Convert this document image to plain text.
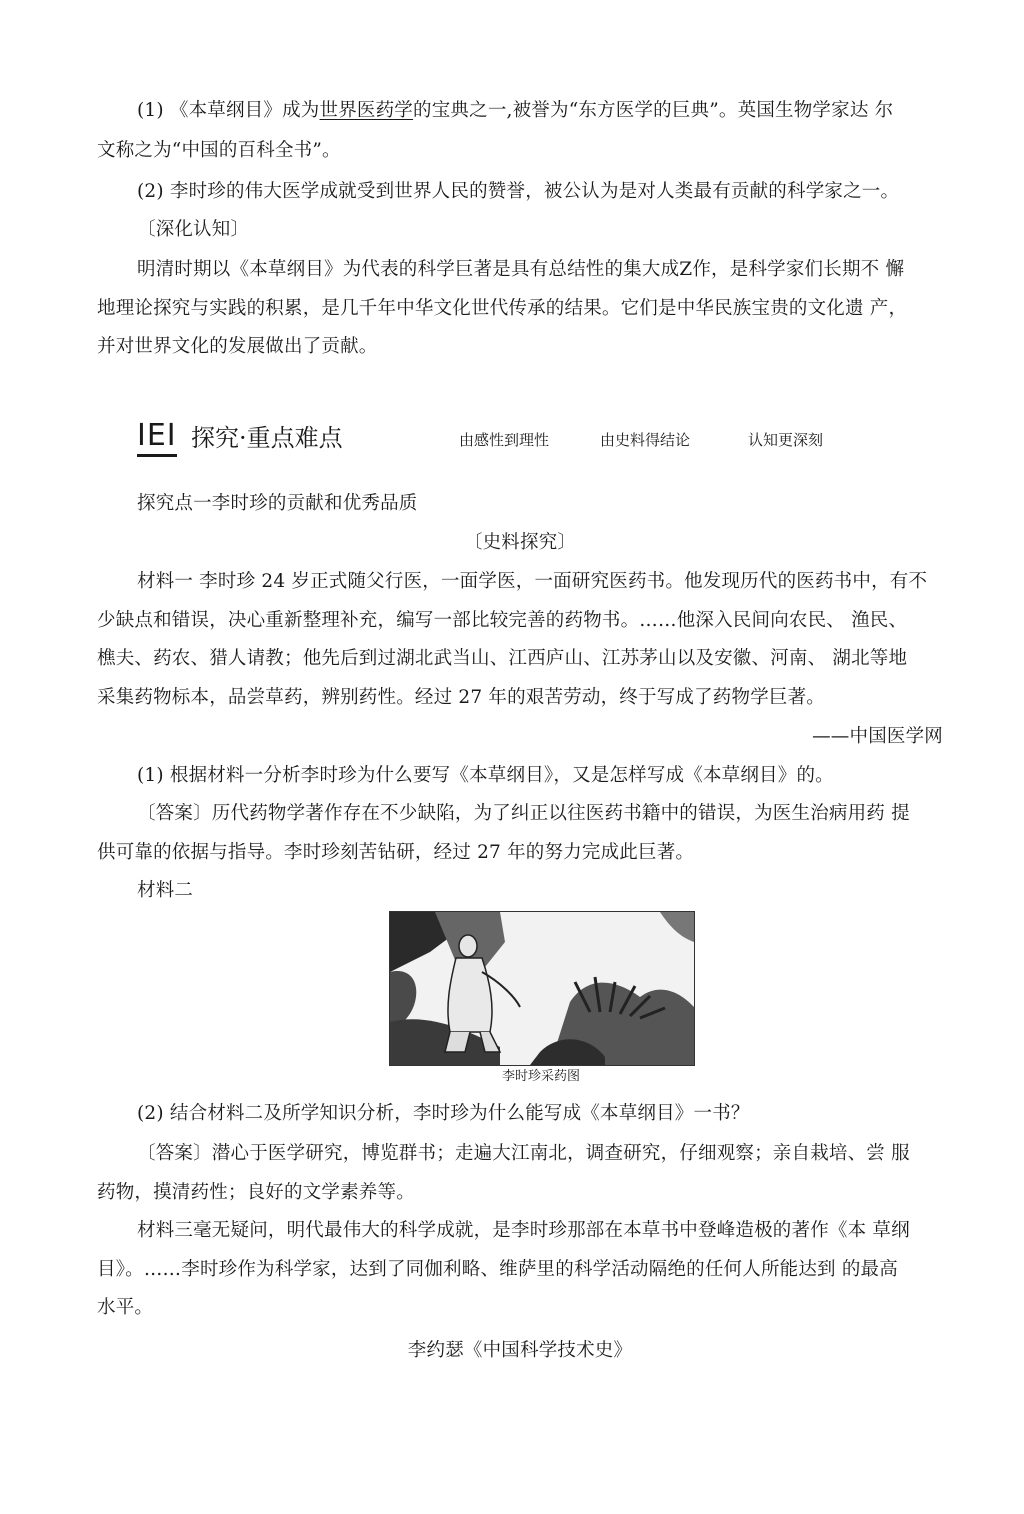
(1) 《本草纲目》成为世界医药学的宝典之一,被誉为“东方医学的巨典”。英国生物学家达 尔
文称之为“中国的百科全书”。
(2) 李时珍的伟大医学成就受到世界人民的赞誉，被公认为是对人类最有贡献的科学家之一。
〔深化认知〕
明清时期以《本草纲目》为代表的科学巨著是具有总结性的集大成Z作，是科学家们长期不 懈
地理论探究与实践的积累，是几千年中华文化世代传承的结果。它们是中华民族宝贵的文化遗 产，
并对世界文化的发展做出了贡献。
IEI 探究·重点难点	由感性到理性	由史料得结论	认知更深刻
探究点一李时珍的贡献和优秀品质
〔史料探究〕
材料一 李时珍 24 岁正式随父行医，一面学医，一面研究医药书。他发现历代的医药书中，有不
少缺点和错误，决心重新整理补充，编写一部比较完善的药物书。……他深入民间向农民、 渔民、
樵夫、药农、猎人请教；他先后到过湖北武当山、江西庐山、江苏茅山以及安徽、河南、 湖北等地
采集药物标本，品尝草药，辨别药性。经过 27 年的艰苦劳动，终于写成了药物学巨著。
——中国医学网
(1) 根据材料一分析李时珍为什么要写《本草纲目》，又是怎样写成《本草纲目》的。
〔答案〕历代药物学著作存在不少缺陷，为了纠正以往医药书籍中的错误，为医生治病用药 提
供可靠的依据与指导。李时珍刻苦钻研，经过 27 年的努力完成此巨著。
材料二
李时珍采药图
(2) 结合材料二及所学知识分析，李时珍为什么能写成《本草纲目》一书？
〔答案〕潜心于医学研究，博览群书；走遍大江南北，调查研究，仔细观察；亲自栽培、尝 服
药物，摸清药性；良好的文学素养等。
材料三毫无疑问，明代最伟大的科学成就，是李时珍那部在本草书中登峰造极的著作《本 草纲
目》。……李时珍作为科学家，达到了同伽利略、维萨里的科学活动隔绝的任何人所能达到 的最高
水平。
李约瑟《中国科学技术史》
